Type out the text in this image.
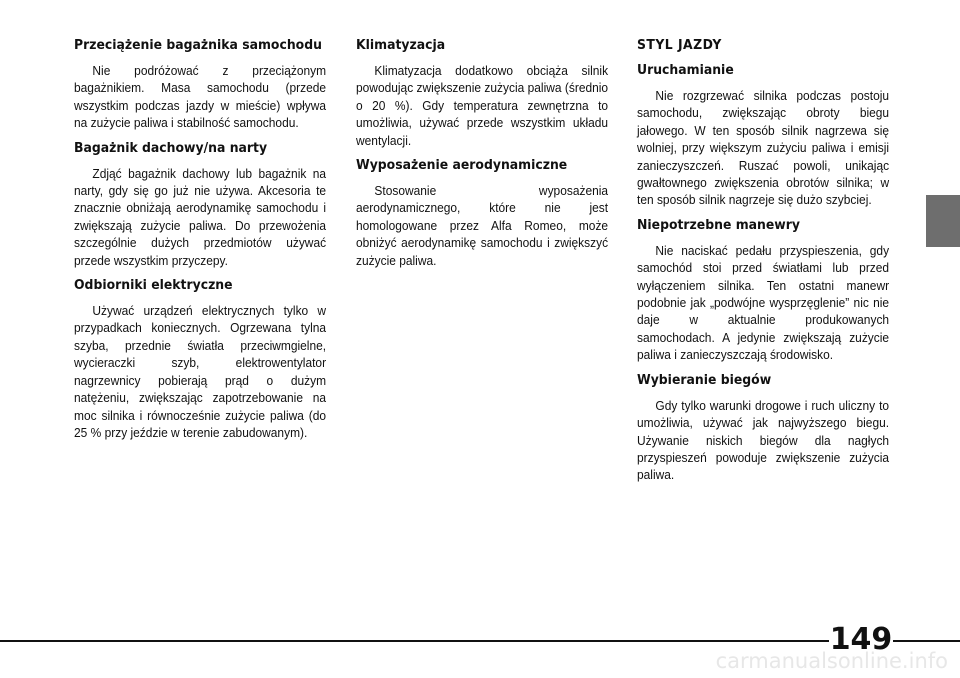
Przeciążenie bagażnika samochodu
Nie podróżować z przeciążonym bagażnikiem. Masa samochodu (przede wszystkim podczas jazdy w mieście) wpływa na zużycie paliwa i stabilność samochodu.
Bagażnik dachowy/na narty
Zdjąć bagażnik dachowy lub bagażnik na narty, gdy się go już nie używa. Akcesoria te znacznie obniżają aerodynamikę samochodu i zwiększają zużycie paliwa. Do przewożenia szczególnie dużych przedmiotów używać przede wszystkim przyczepy.
Odbiorniki elektryczne
Używać urządzeń elektrycznych tylko w przypadkach koniecznych. Ogrzewana tylna szyba, przednie światła przeciwmgielne, wycieraczki szyb, elektrowentylator nagrzewnicy pobierają prąd o dużym natężeniu, zwiększając zapotrzebowanie na moc silnika i równocześnie zużycie paliwa (do 25 % przy jeździe w terenie zabudowanym).
Klimatyzacja
Klimatyzacja dodatkowo obciąża silnik powodując zwiększenie zużycia paliwa (średnio o 20 %). Gdy temperatura zewnętrzna to umożliwia, używać przede wszystkim układu wentylacji.
Wyposażenie aerodynamiczne
Stosowanie wyposażenia aerodynamicznego, które nie jest homologowane przez Alfa Romeo, może obniżyć aerodynamikę samochodu i zwiększyć zużycie paliwa.
STYL JAZDY
Uruchamianie
Nie rozgrzewać silnika podczas postoju samochodu, zwiększając obroty biegu jałowego. W ten sposób silnik nagrzewa się wolniej, przy większym zużyciu paliwa i emisji zanieczyszczeń. Ruszać powoli, unikając gwałtownego zwiększenia obrotów silnika; w ten sposób silnik nagrzeje się dużo szybciej.
Niepotrzebne manewry
Nie naciskać pedału przyspieszenia, gdy samochód stoi przed światłami lub przed wyłączeniem silnika. Ten ostatni manewr podobnie jak „podwójne wysprzęglenie” nic nie daje w aktualnie produkowanych samochodach. A jedynie zwiększają zużycie paliwa i zanieczyszczają środowisko.
Wybieranie biegów
Gdy tylko warunki drogowe i ruch uliczny to umożliwia, używać jak najwyższego biegu. Używanie niskich biegów dla nagłych przyspieszeń powoduje zwiększenie zużycia paliwa.
149
carmanualsonline.info
